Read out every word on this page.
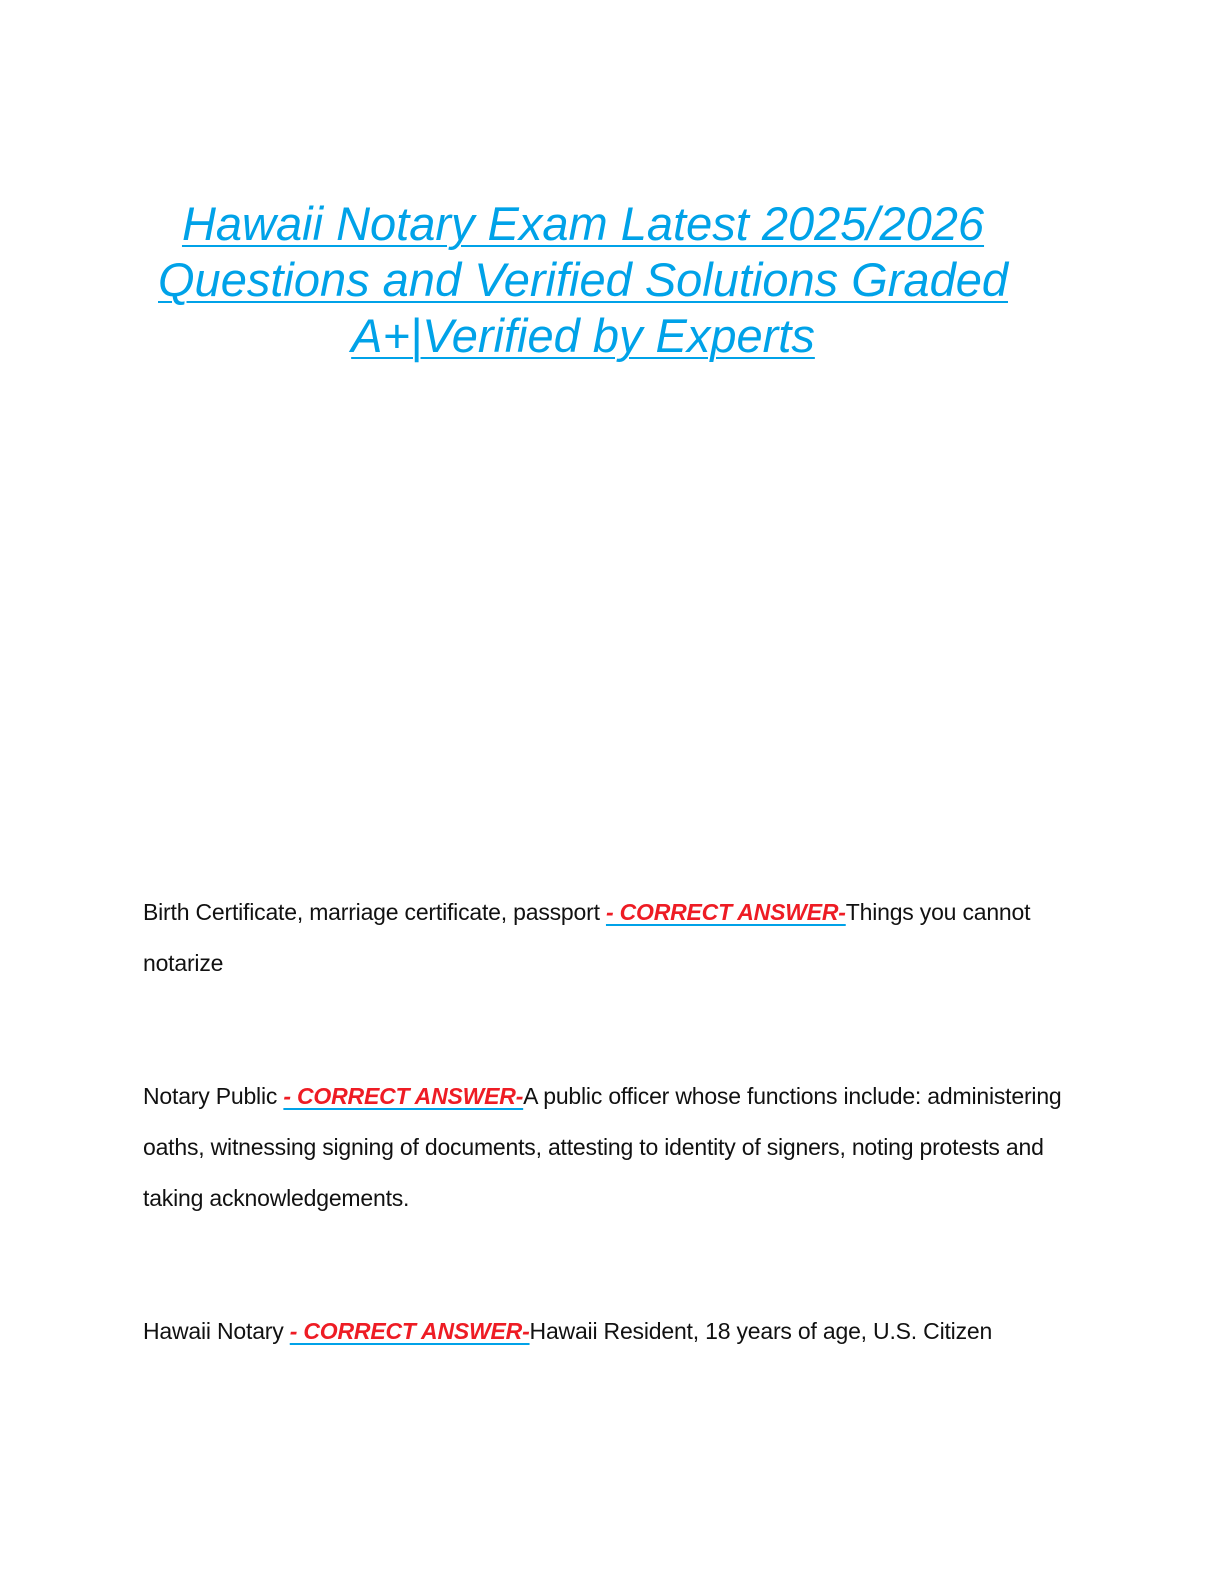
Hawaii Notary Exam Latest 2025/2026
Questions and Verified Solutions Graded
A+|Verified by Experts

Birth Certificate, marriage certificate, passport - CORRECT ANSWER-Things you cannot notarize

Notary Public - CORRECT ANSWER-A public officer whose functions include: administering oaths, witnessing signing of documents, attesting to identity of signers, noting protests and taking acknowledgements.

Hawaii Notary - CORRECT ANSWER-Hawaii Resident, 18 years of age, U.S. Citizen
